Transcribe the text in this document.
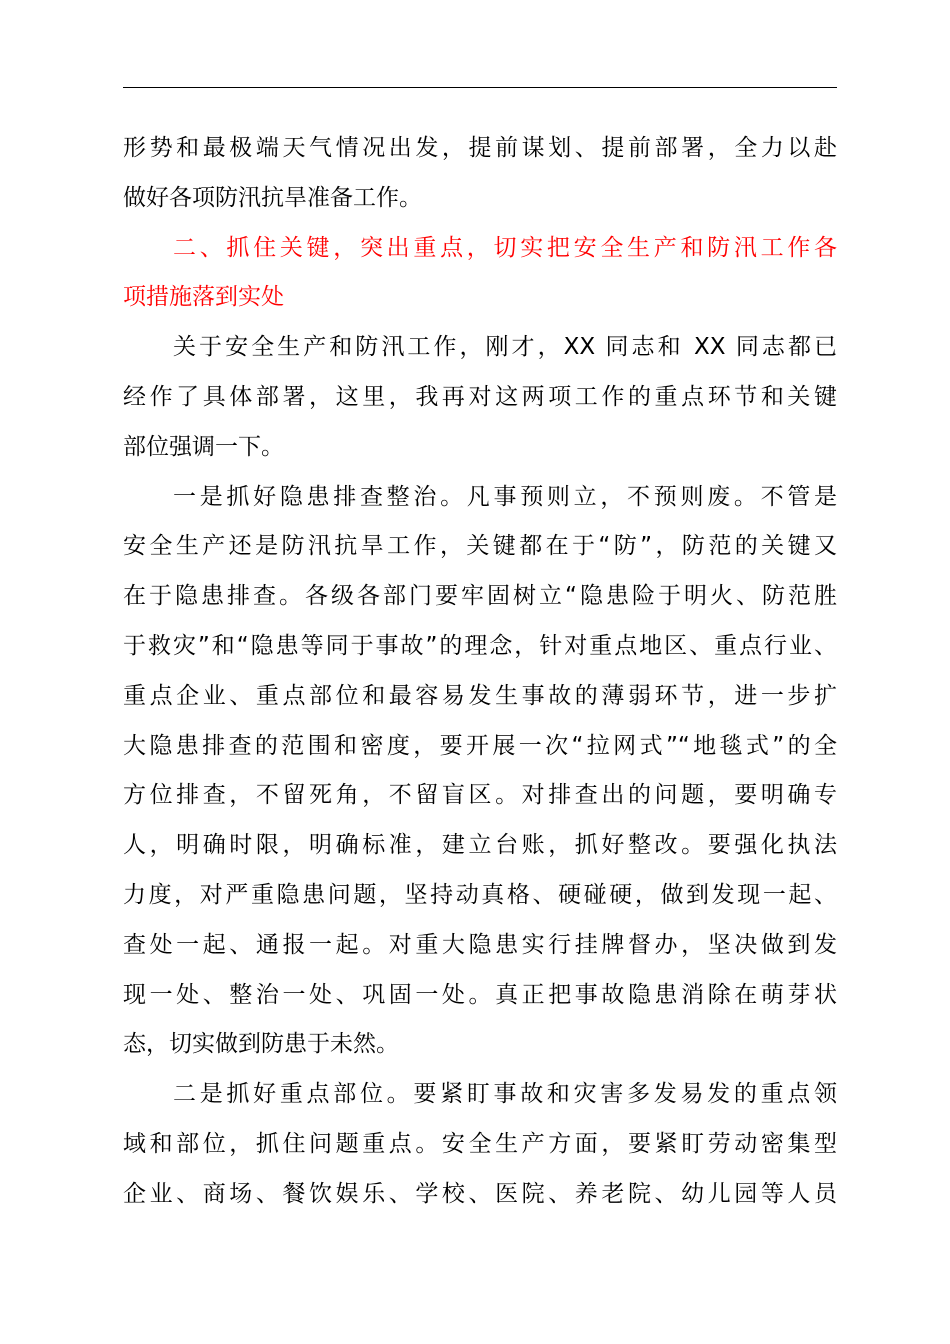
形势和最极端天气情况出发，提前谋划、提前部署，全力以赴
做好各项防汛抗旱准备工作。
二、抓住关键，突出重点，切实把安全生产和防汛工作各
项措施落到实处
关于安全生产和防汛工作，刚才，XX 同志和 XX 同志都已
经作了具体部署，这里，我再对这两项工作的重点环节和关键
部位强调一下。
一是抓好隐患排查整治。凡事预则立，不预则废。不管是
安全生产还是防汛抗旱工作，关键都在于“防”，防范的关键又
在于隐患排查。各级各部门要牢固树立“隐患险于明火、防范胜
于救灾”和“隐患等同于事故”的理念，针对重点地区、重点行业、
重点企业、重点部位和最容易发生事故的薄弱环节，进一步扩
大隐患排查的范围和密度，要开展一次“拉网式”“地毯式”的全
方位排查，不留死角，不留盲区。对排查出的问题，要明确专
人，明确时限，明确标准，建立台账，抓好整改。要强化执法
力度，对严重隐患问题，坚持动真格、硬碰硬，做到发现一起、
查处一起、通报一起。对重大隐患实行挂牌督办，坚决做到发
现一处、整治一处、巩固一处。真正把事故隐患消除在萌芽状
态，切实做到防患于未然。
二是抓好重点部位。要紧盯事故和灾害多发易发的重点领
域和部位，抓住问题重点。安全生产方面，要紧盯劳动密集型
企业、商场、餐饮娱乐、学校、医院、养老院、幼儿园等人员
